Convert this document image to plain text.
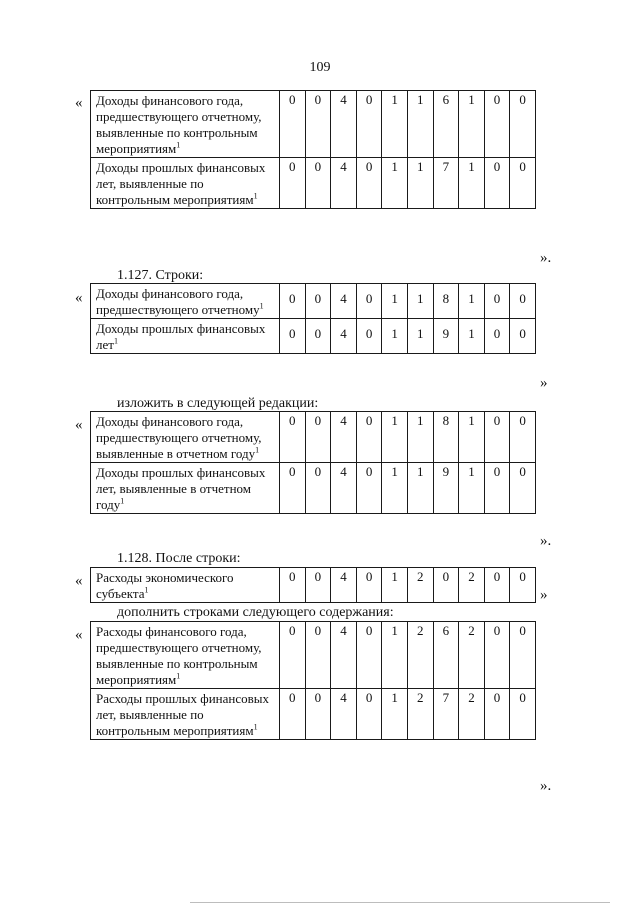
109
« Доходы финансового года, предшествующего отчетному, выявленные по контрольным мероприятиям$^1$	0	0	4	0	1	1	6	1	0	0
Доходы прошлых финансовых лет, выявленные по контрольным мероприятиям$^1$	0	0	4	0	1	1	7	1	0	0
».
1.127. Строки:
« Доходы финансового года, предшествующего отчетному$^1$	0	0	4	0	1	1	8	1	0	0
Доходы прошлых финансовых лет$^1$	0	0	4	0	1	1	9	1	0	0
»
изложить в следующей редакции:
« Доходы финансового года, предшествующего отчетному, выявленные в отчетном году$^1$	0	0	4	0	1	1	8	1	0	0
Доходы прошлых финансовых лет, выявленные в отчетном году$^1$	0	0	4	0	1	1	9	1	0	0
».
1.128. После строки:
« Расходы экономического субъекта$^1$	0	0	4	0	1	2	0	2	0	0
»
дополнить строками следующего содержания:
« Расходы финансового года, предшествующего отчетному, выявленные по контрольным мероприятиям$^1$	0	0	4	0	1	2	6	2	0	0
Расходы прошлых финансовых лет, выявленные по контрольным мероприятиям$^1$	0	0	4	0	1	2	7	2	0	0
».
